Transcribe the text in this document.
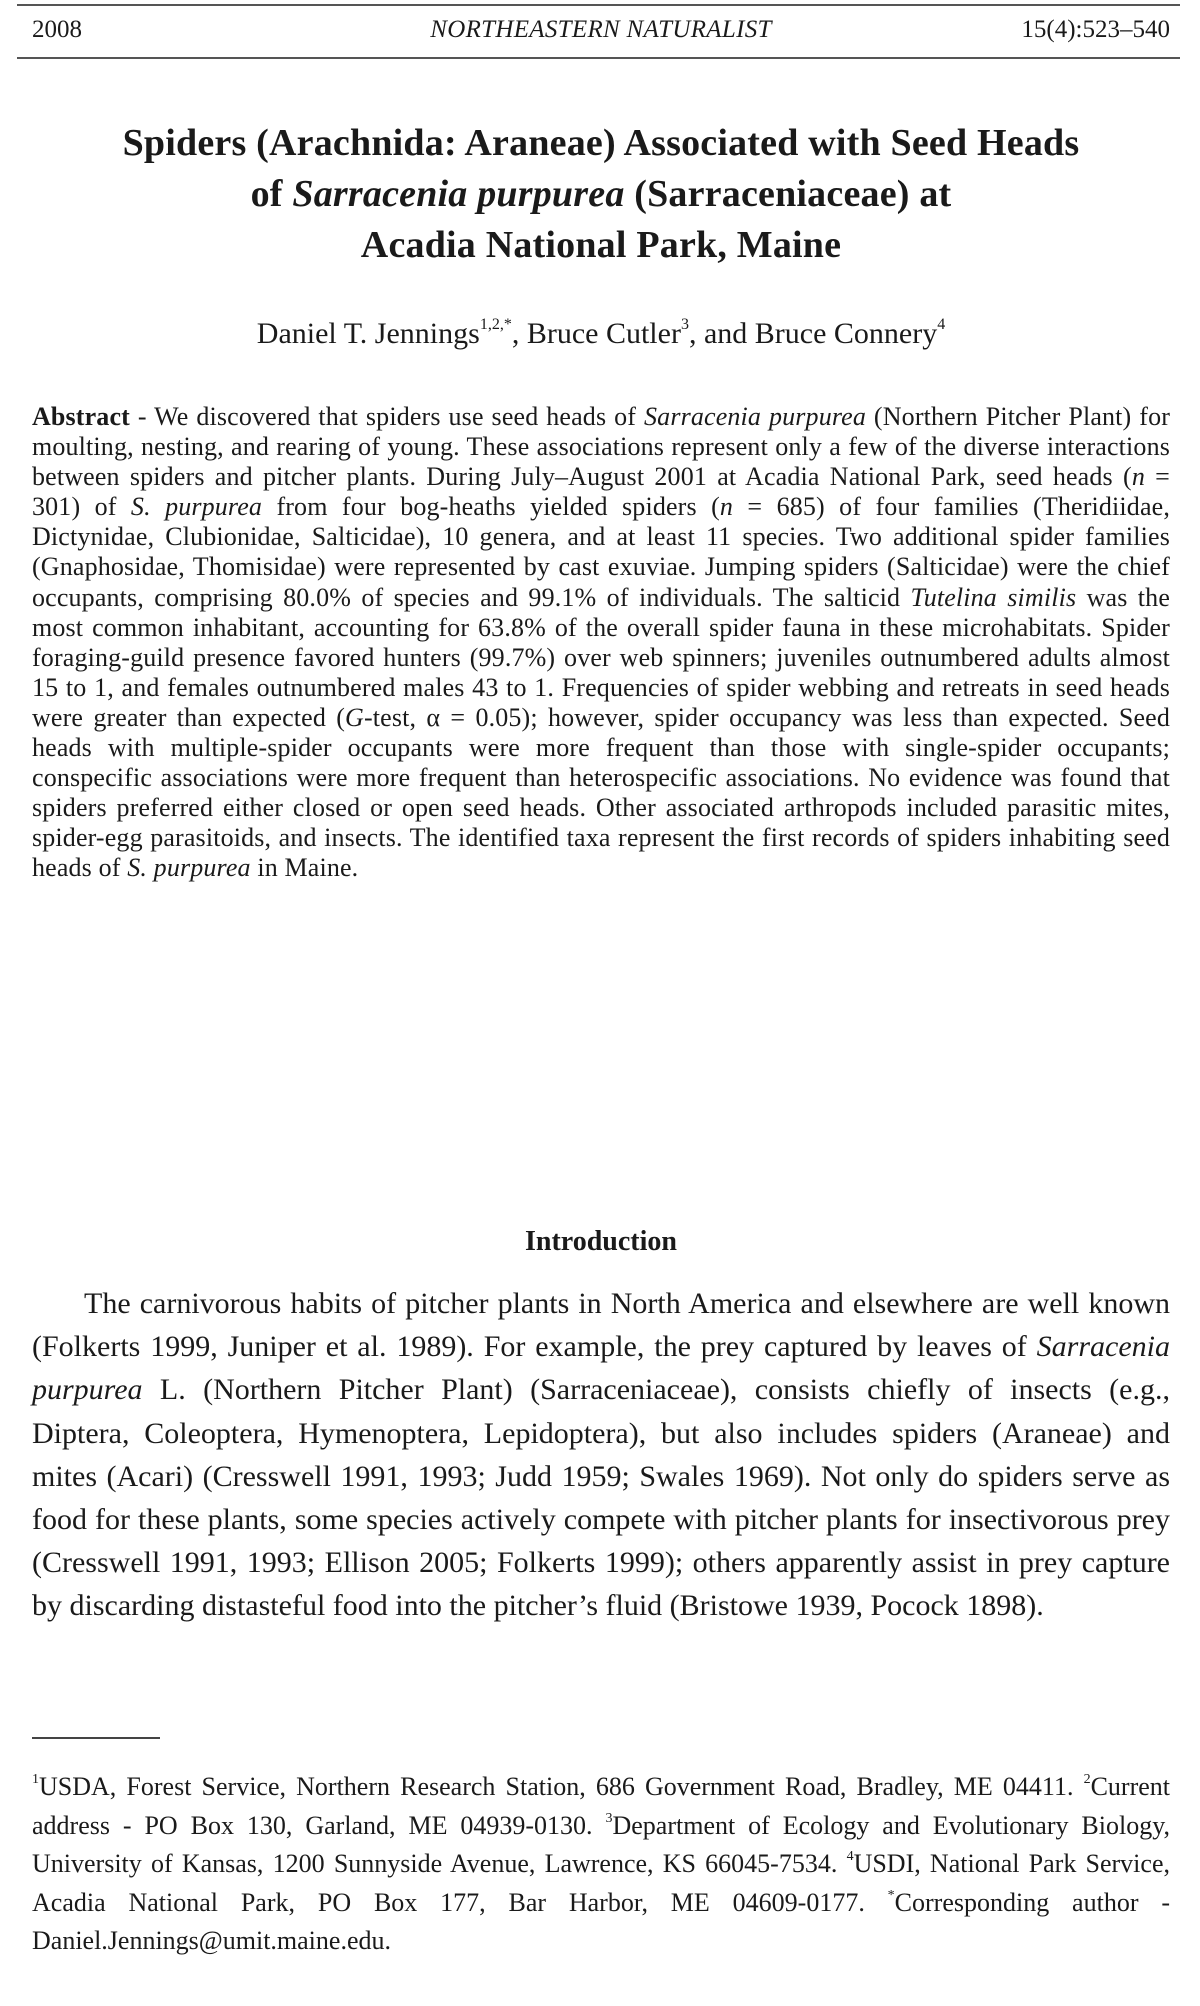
2008	NORTHEASTERN NATURALIST	15(4):523–540
Spiders (Arachnida: Araneae) Associated with Seed Heads
of Sarracenia purpurea (Sarraceniaceae) at
Acadia National Park, Maine
Daniel T. Jennings$^{1,2,*}$, Bruce Cutler$^3$, and Bruce Connery$^4$
Abstract - We discovered that spiders use seed heads of Sarracenia purpurea (Northern Pitcher Plant) for moulting, nesting, and rearing of young. These associations represent only a few of the diverse interactions between spiders and pitcher plants. During July–August 2001 at Acadia National Park, seed heads (n = 301) of S. purpurea from four bog-heaths yielded spiders (n = 685) of four families (Theridiidae, Dictynidae, Clubionidae, Salticidae), 10 genera, and at least 11 species. Two additional spider families (Gnaphosidae, Thomisidae) were represented by cast exuviae. Jumping spiders (Salticidae) were the chief occupants, comprising 80.0% of species and 99.1% of individuals. The salticid Tutelina similis was the most common inhabitant, accounting for 63.8% of the overall spider fauna in these microhabitats. Spider foraging-guild presence favored hunters (99.7%) over web spinners; juveniles outnumbered adults almost 15 to 1, and females outnumbered males 43 to 1. Frequencies of spider webbing and retreats in seed heads were greater than expected (G-test, α = 0.05); however, spider occupancy was less than expected. Seed heads with multiple-spider occupants were more frequent than those with single-spider occupants; conspecific associations were more frequent than heterospecific associations. No evidence was found that spiders preferred either closed or open seed heads. Other associated arthropods included parasitic mites, spider-egg parasitoids, and insects. The identified taxa represent the first records of spiders inhabiting seed heads of S. purpurea in Maine.
Introduction
The carnivorous habits of pitcher plants in North America and elsewhere are well known (Folkerts 1999, Juniper et al. 1989). For example, the prey captured by leaves of Sarracenia purpurea L. (Northern Pitcher Plant) (Sarraceniaceae), consists chiefly of insects (e.g., Diptera, Coleoptera, Hymenoptera, Lepidoptera), but also includes spiders (Araneae) and mites (Acari) (Cresswell 1991, 1993; Judd 1959; Swales 1969). Not only do spiders serve as food for these plants, some species actively compete with pitcher plants for insectivorous prey (Cresswell 1991, 1993; Ellison 2005; Folkerts 1999); others apparently assist in prey capture by discarding distasteful food into the pitcher’s fluid (Bristowe 1939, Pocock 1898).
$^1$USDA, Forest Service, Northern Research Station, 686 Government Road, Bradley, ME 04411. $^2$Current address - PO Box 130, Garland, ME 04939-0130. $^3$Department of Ecology and Evolutionary Biology, University of Kansas, 1200 Sunnyside Avenue, Lawrence, KS 66045-7534. $^4$USDI, National Park Service, Acadia National Park, PO Box 177, Bar Harbor, ME 04609-0177. *Corresponding author - Daniel.Jennings@umit.maine.edu.
